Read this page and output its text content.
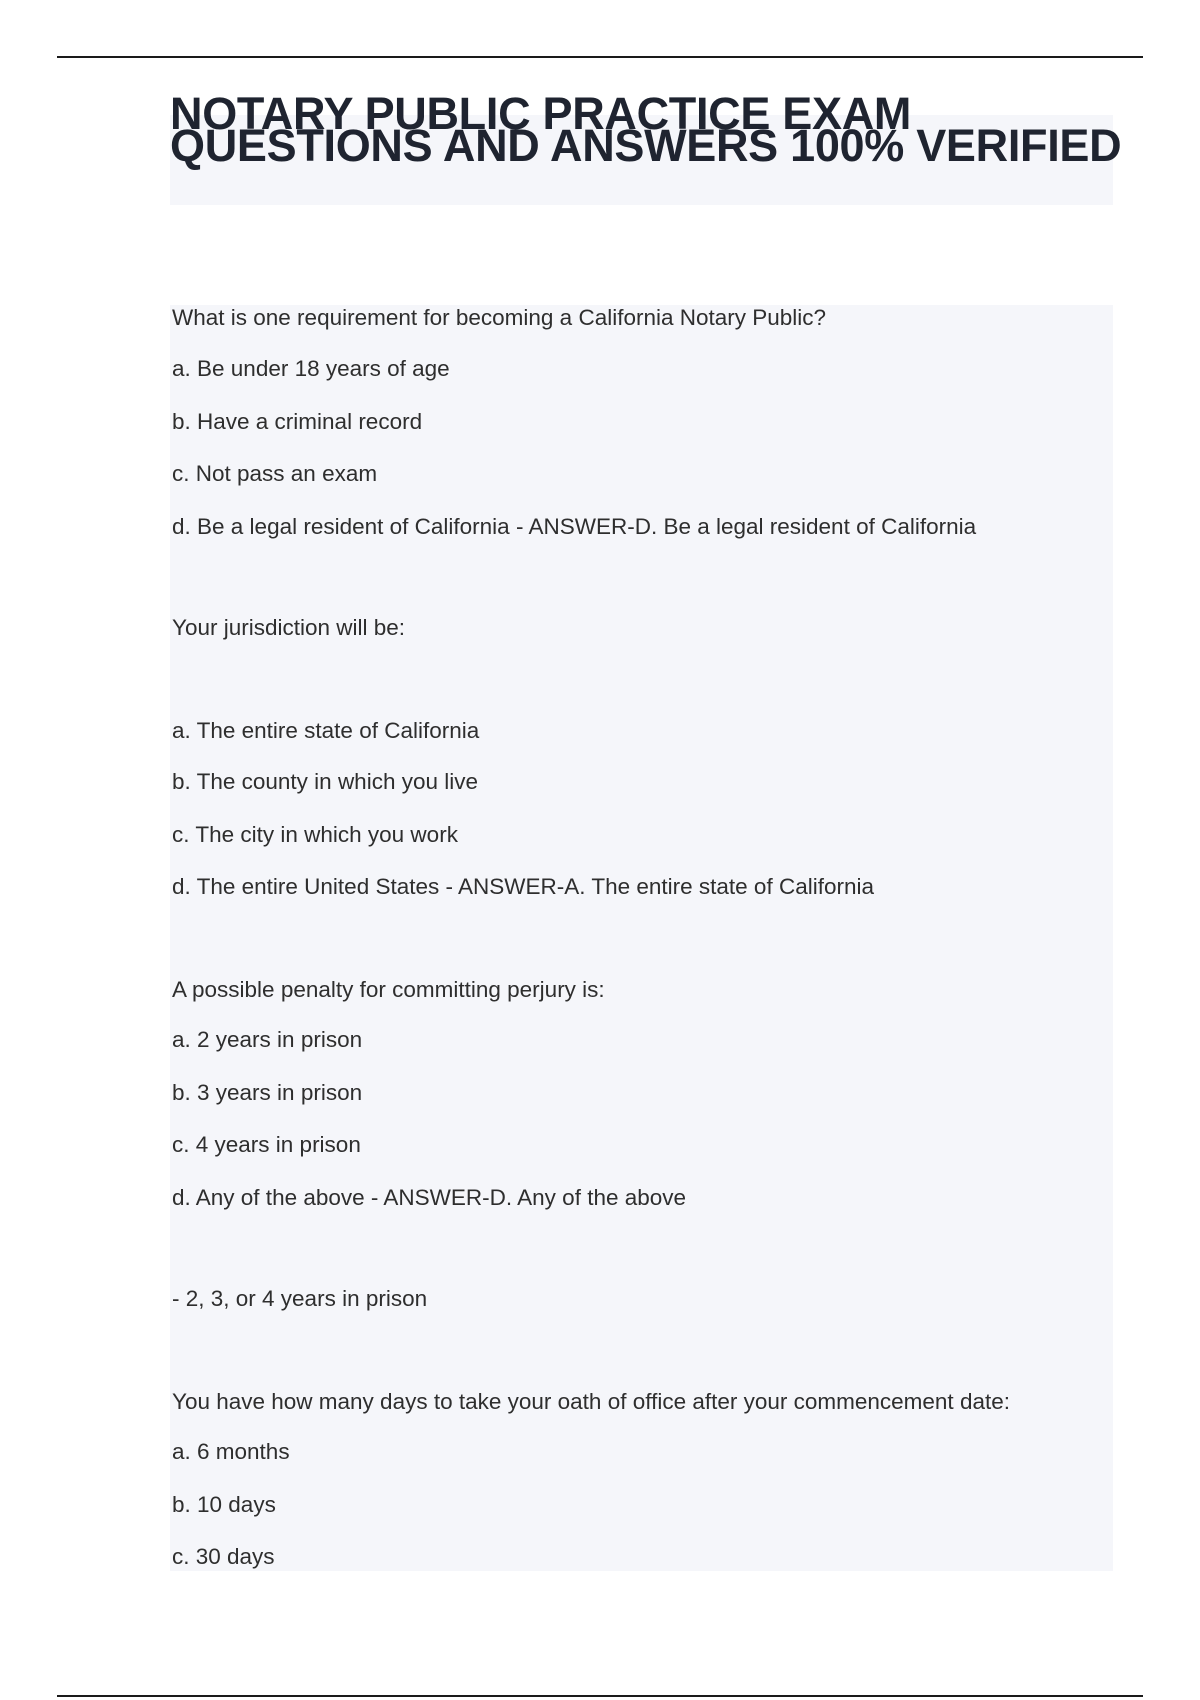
NOTARY PUBLIC PRACTICE EXAM QUESTIONS AND ANSWERS 100% VERIFIED

What is one requirement for becoming a California Notary Public?

a. Be under 18 years of age

b. Have a criminal record

c. Not pass an exam

d. Be a legal resident of California - ANSWER-D. Be a legal resident of California

Your jurisdiction will be:

a. The entire state of California

b. The county in which you live

c. The city in which you work

d. The entire United States - ANSWER-A. The entire state of California

A possible penalty for committing perjury is:

a. 2 years in prison

b. 3 years in prison

c. 4 years in prison

d. Any of the above - ANSWER-D. Any of the above

- 2, 3, or 4 years in prison

You have how many days to take your oath of office after your commencement date:

a. 6 months

b. 10 days

c. 30 days
